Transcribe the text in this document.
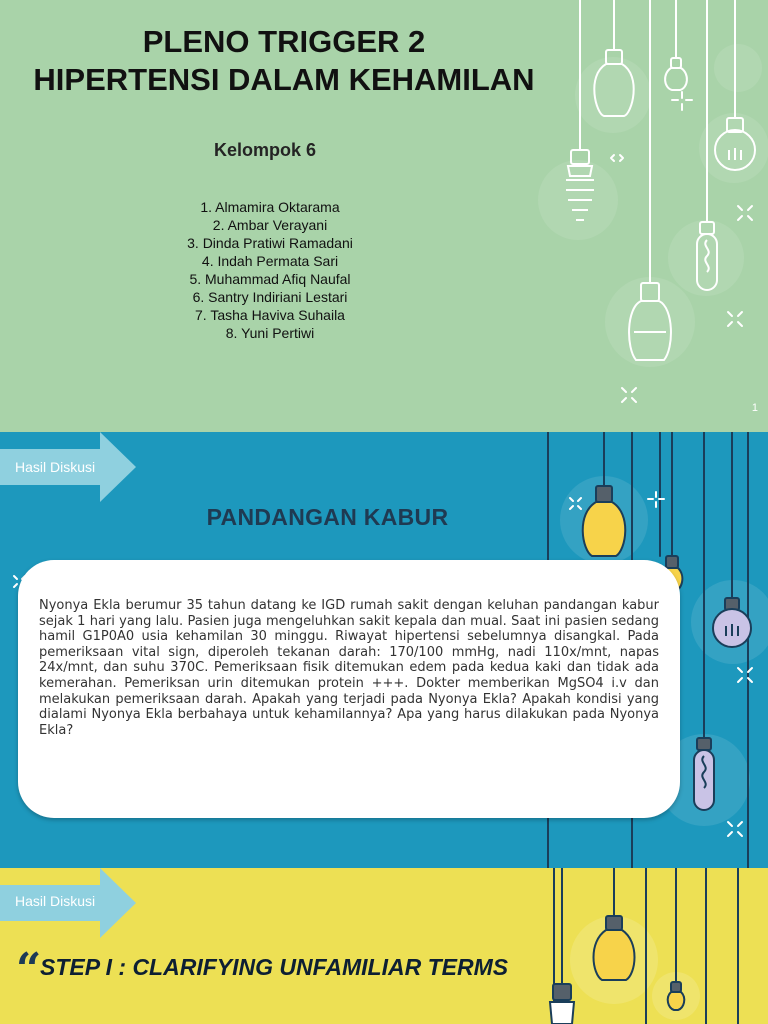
PLENO TRIGGER 2
HIPERTENSI DALAM KEHAMILAN
Kelompok 6
1. Almamira Oktarama
2. Ambar Verayani
3. Dinda Pratiwi Ramadani
4. Indah Permata Sari
5. Muhammad Afiq Naufal
6. Santry Indiriani Lestari
7. Tasha Haviva Suhaila
8. Yuni Pertiwi
1
Hasil Diskusi
PANDANGAN KABUR

Nyonya Ekla berumur 35 tahun datang ke IGD rumah sakit dengan keluhan pandangan kabur sejak 1 hari yang lalu. Pasien juga mengeluhkan sakit kepala dan mual. Saat ini pasien sedang hamil G1P0A0 usia kehamilan 30 minggu. Riwayat hipertensi sebelumnya disangkal. Pada pemeriksaan vital sign, diperoleh tekanan darah: 170/100 mmHg, nadi 110x/mnt, napas 24x/mnt, dan suhu 370C. Pemeriksaan fisik ditemukan edem pada kedua kaki dan tidak ada kemerahan. Pemeriksan urin ditemukan protein +++. Dokter memberikan MgSO4 i.v dan melakukan pemeriksaan darah. Apakah yang terjadi pada Nyonya Ekla? Apakah kondisi yang dialami Nyonya Ekla berbahaya untuk kehamilannya? Apa yang harus dilakukan pada Nyonya Ekla?

Hasil Diskusi
“
STEP I : CLARIFYING UNFAMILIAR TERMS
